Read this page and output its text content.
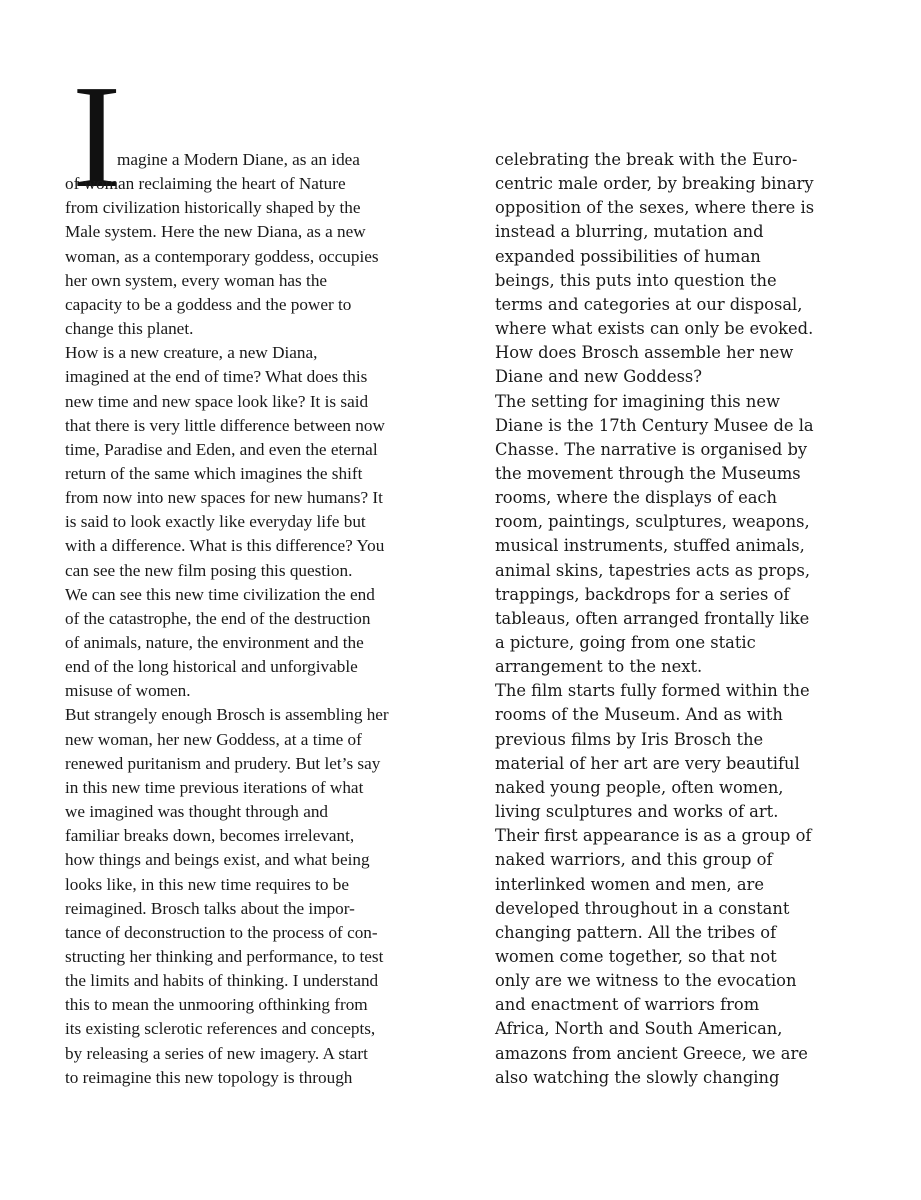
I
magine a Modern Diane, as an idea
of woman reclaiming the heart of Nature
from civilization historically shaped by the
Male system. Here the new Diana, as a new
woman, as a contemporary goddess, occupies
her own system, every woman has the
capacity to be a goddess and the power to
change this planet.
How is a new creature, a new Diana,
imagined at the end of time? What does this
new time and new space look like? It is said
that there is very little difference between now
time, Paradise and Eden, and even the eternal
return of the same which imagines the shift
from now into new spaces for new humans? It
is said to look exactly like everyday life but
with a difference. What is this difference? You
can see the new film posing this question.
We can see this new time civilization the end
of the catastrophe, the end of the destruction
of animals, nature, the environment and the
end of the long historical and unforgivable
misuse of women.
But strangely enough Brosch is assembling her
new woman, her new Goddess, at a time of
renewed puritanism and prudery. But let’s say
in this new time previous iterations of what
we imagined was thought through and
familiar breaks down, becomes irrelevant,
how things and beings exist, and what being
looks like, in this new time requires to be
reimagined. Brosch talks about the impor-
tance of deconstruction to the process of con-
structing her thinking and performance, to test
the limits and habits of thinking. I understand
this to mean the unmooring ofthinking from
its existing sclerotic references and concepts,
by releasing a series of new imagery. A start
to reimagine this new topology is through
celebrating the break with the Euro-
centric male order, by breaking binary
opposition of the sexes, where there is
instead a blurring, mutation and
expanded possibilities of human
beings, this puts into question the
terms and categories at our disposal,
where what exists can only be evoked.
How does Brosch assemble her new
Diane and new Goddess?
The setting for imagining this new
Diane is the 17th Century Musee de la
Chasse. The narrative is organised by
the movement through the Museums
rooms, where the displays of each
room, paintings, sculptures, weapons,
musical instruments, stuffed animals,
animal skins, tapestries acts as props,
trappings, backdrops for a series of
tableaus, often arranged frontally like
a picture, going from one static
arrangement to the next.
The film starts fully formed within the
rooms of the Museum. And as with
previous films by Iris Brosch the
material of her art are very beautiful
naked young people, often women,
living sculptures and works of art.
Their first appearance is as a group of
naked warriors, and this group of
interlinked women and men, are
developed throughout in a constant
changing pattern. All the tribes of
women come together, so that not
only are we witness to the evocation
and enactment of warriors from
Africa, North and South American,
amazons from ancient Greece, we are
also watching the slowly changing
